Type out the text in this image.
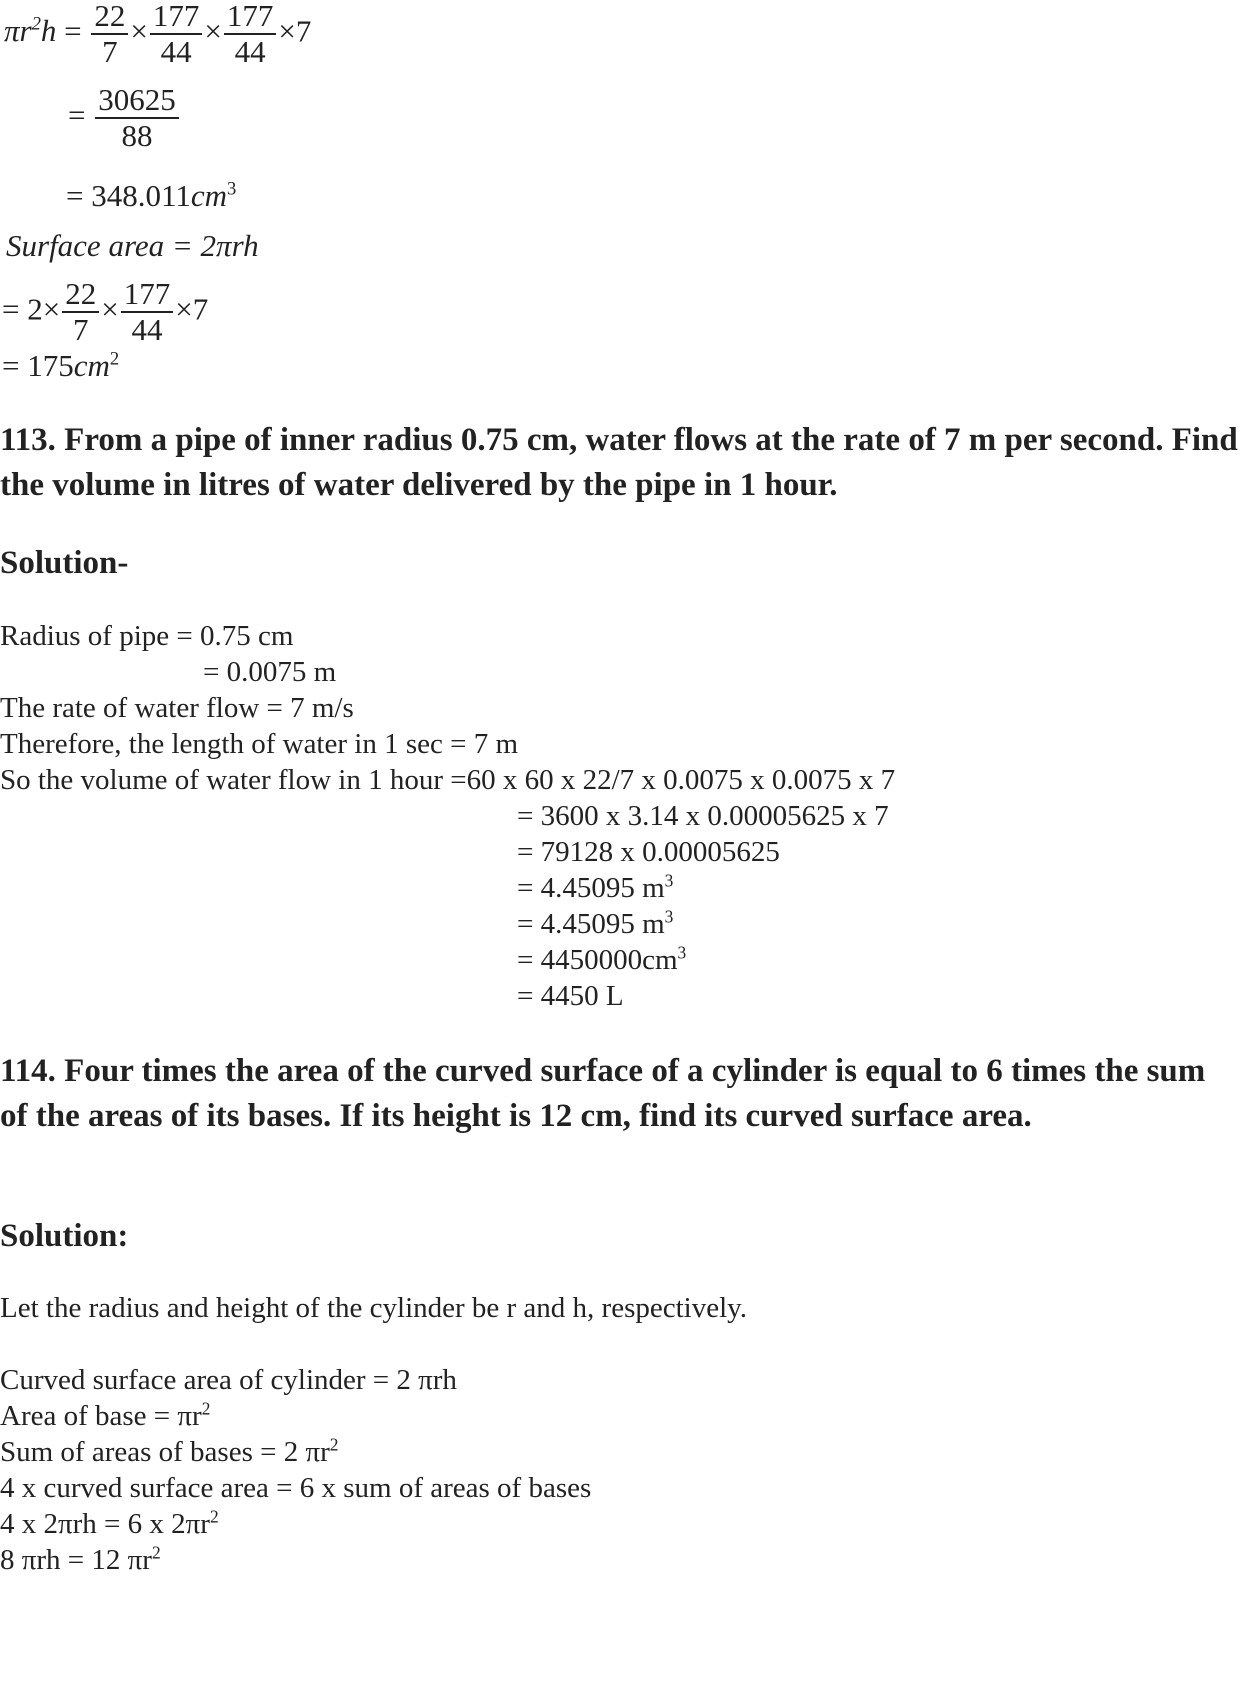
$\pi r^2h = \frac{22}{7} \times \frac{177}{44} \times \frac{177}{44} \times 7$
= $\frac{30625}{88}$
= $348.011cm^3$
Surface area = 2πrh
= $2\times \frac{22}{7} \times \frac{177}{44} \times 7$
= $175cm^2$
113. From a pipe of inner radius 0.75 cm, water flows at the rate of 7 m per second. Find the volume in litres of water delivered by the pipe in 1 hour.
Solution-
Radius of pipe = 0.75 cm
= 0.0075 m
The rate of water flow = 7 m/s
Therefore, the length of water in 1 sec = 7 m
So the volume of water flow in 1 hour =60 x 60 x 22/7 x 0.0075 x 0.0075 x 7
= 3600 x 3.14 x 0.00005625 x 7
= 79128 x 0.00005625
= 4.45095 $m^3$
= 4.45095 $m^3$
= $4450000cm^3$
= 4450 L
114. Four times the area of the curved surface of a cylinder is equal to 6 times the sum of the areas of its bases. If its height is 12 cm, find its curved surface area.
Solution:
Let the radius and height of the cylinder be r and h, respectively.
Curved surface area of cylinder = 2 πrh
Area of base = $\pi r^2$
Sum of areas of bases = 2 $\pi r^2$
4 x curved surface area = 6 x sum of areas of bases
4 x 2πrh = 6 x $2\pi r^2$
8 πrh = 12 $\pi r^2$
